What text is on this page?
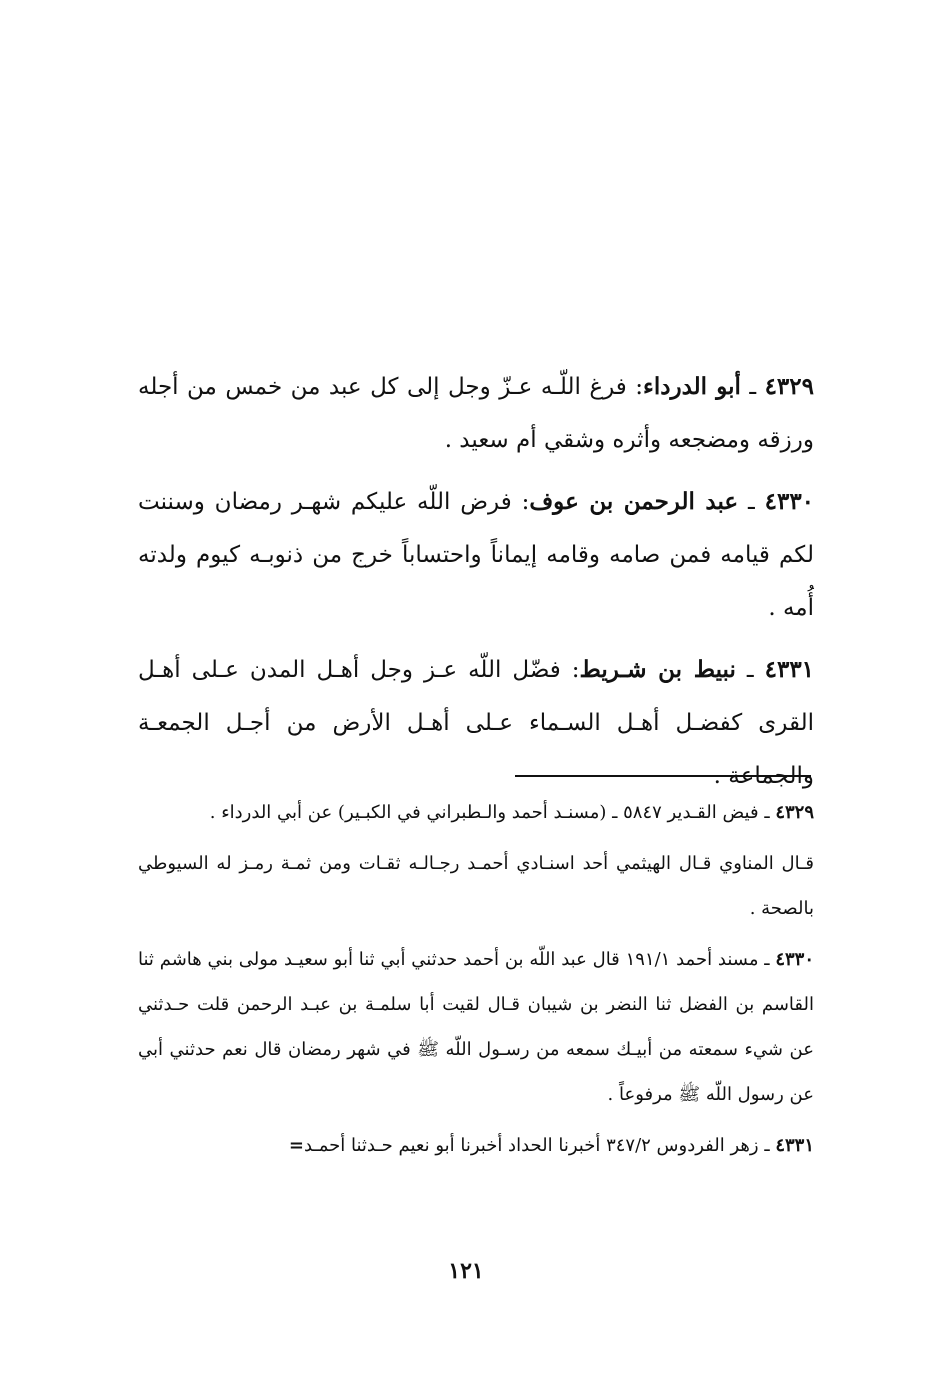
٤٣٢٩ ـ أبو الدرداء: فرغ اللّـه عـزّ وجل إلى كل عبد من خمس من أجله ورزقه ومضجعه وأثره وشقي أم سعيد .

٤٣٣٠ ـ عبد الرحمن بن عوف: فرض اللّه عليكم شهـر رمضان وسننت لكم قيامه فمن صامه وقامه إيماناً واحتساباً خرج من ذنوبـه كيوم ولدته أُمه .

٤٣٣١ ـ نبيط بن شـريط: فضّل اللّه عـز وجل أهـل المدن عـلى أهـل القرى كفضـل أهـل السـماء عـلى أهـل الأرض من أجـل الجمعـة والجماعة .

٤٣٢٩ ـ فيض القـدير ٥٨٤٧ ـ (مسنـد أحمد والـطبراني في الكبـير) عن أبي الدرداء .

قـال المناوي قـال الهيثمي أحد اسنـادي أحمـد رجـالـه ثقـات ومن ثمـة رمـز له السيوطي بالصحة .

٤٣٣٠ ـ مسند أحمد ١٩١/١ قال عبد اللّه بن أحمد حدثني أبي ثنا أبو سعيـد مولى بني هاشم ثنا القاسم بن الفضل ثنا النضر بن شيبان قـال لقيت أبا سلمـة بن عبـد الرحمن قلت حـدثني عن شيء سمعته من أبيـك سمعه من رسـول اللّه ﷺ في شهر رمضان قال نعم حدثني أبي عن رسول اللّه ﷺ مرفوعاً .

٤٣٣١ ـ زهر الفردوس ٣٤٧/٢ أخبرنا الحداد أخبرنا أبو نعيم حـدثنا أحمـد=

١٢١
